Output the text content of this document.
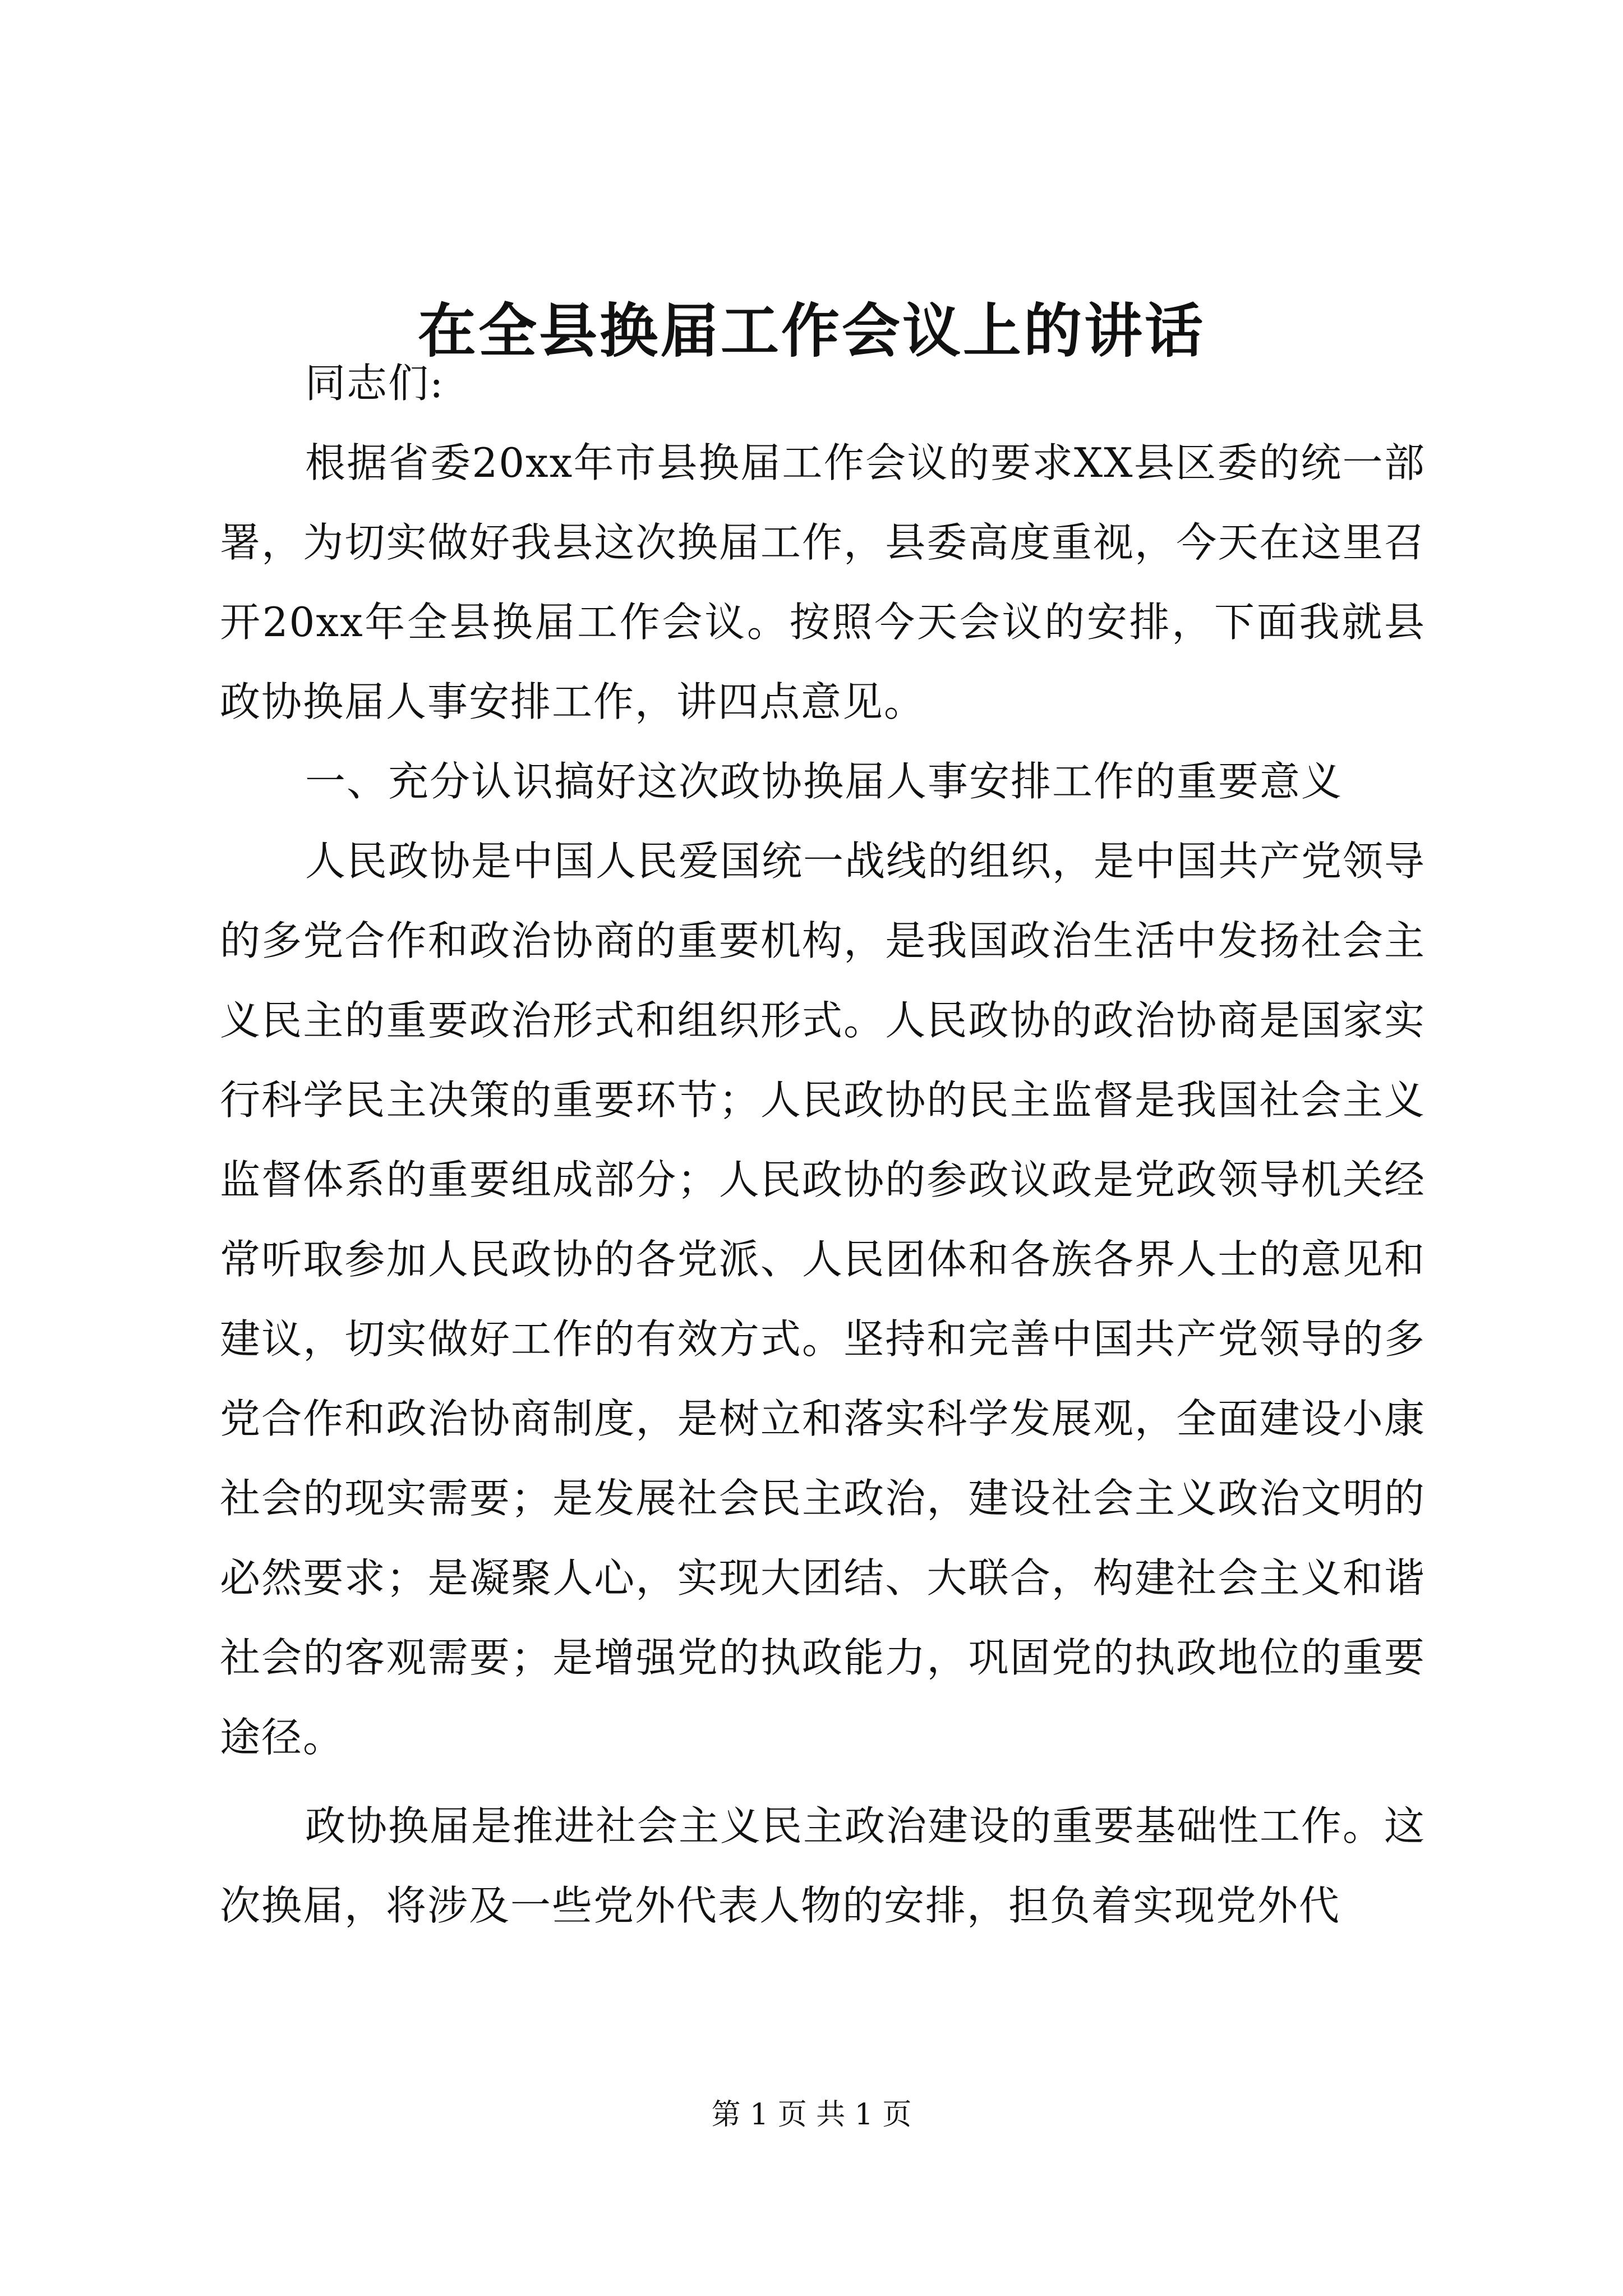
在全县换届工作会议上的讲话

同志们:

根据省委20xx年市县换届工作会议的要求XX县区委的统一部署，为切实做好我县这次换届工作，县委高度重视，今天在这里召开20xx年全县换届工作会议。按照今天会议的安排，下面我就县政协换届人事安排工作，讲四点意见。

一、充分认识搞好这次政协换届人事安排工作的重要意义

人民政协是中国人民爱国统一战线的组织，是中国共产党领导的多党合作和政治协商的重要机构，是我国政治生活中发扬社会主义民主的重要政治形式和组织形式。人民政协的政治协商是国家实行科学民主决策的重要环节；人民政协的民主监督是我国社会主义监督体系的重要组成部分；人民政协的参政议政是党政领导机关经常听取参加人民政协的各党派、人民团体和各族各界人士的意见和建议，切实做好工作的有效方式。坚持和完善中国共产党领导的多党合作和政治协商制度，是树立和落实科学发展观，全面建设小康社会的现实需要；是发展社会民主政治，建设社会主义政治文明的必然要求；是凝聚人心，实现大团结、大联合，构建社会主义和谐社会的客观需要；是增强党的执政能力，巩固党的执政地位的重要途径。

政协换届是推进社会主义民主政治建设的重要基础性工作。这次换届，将涉及一些党外代表人物的安排，担负着实现党外代

第 1 页 共 1 页
